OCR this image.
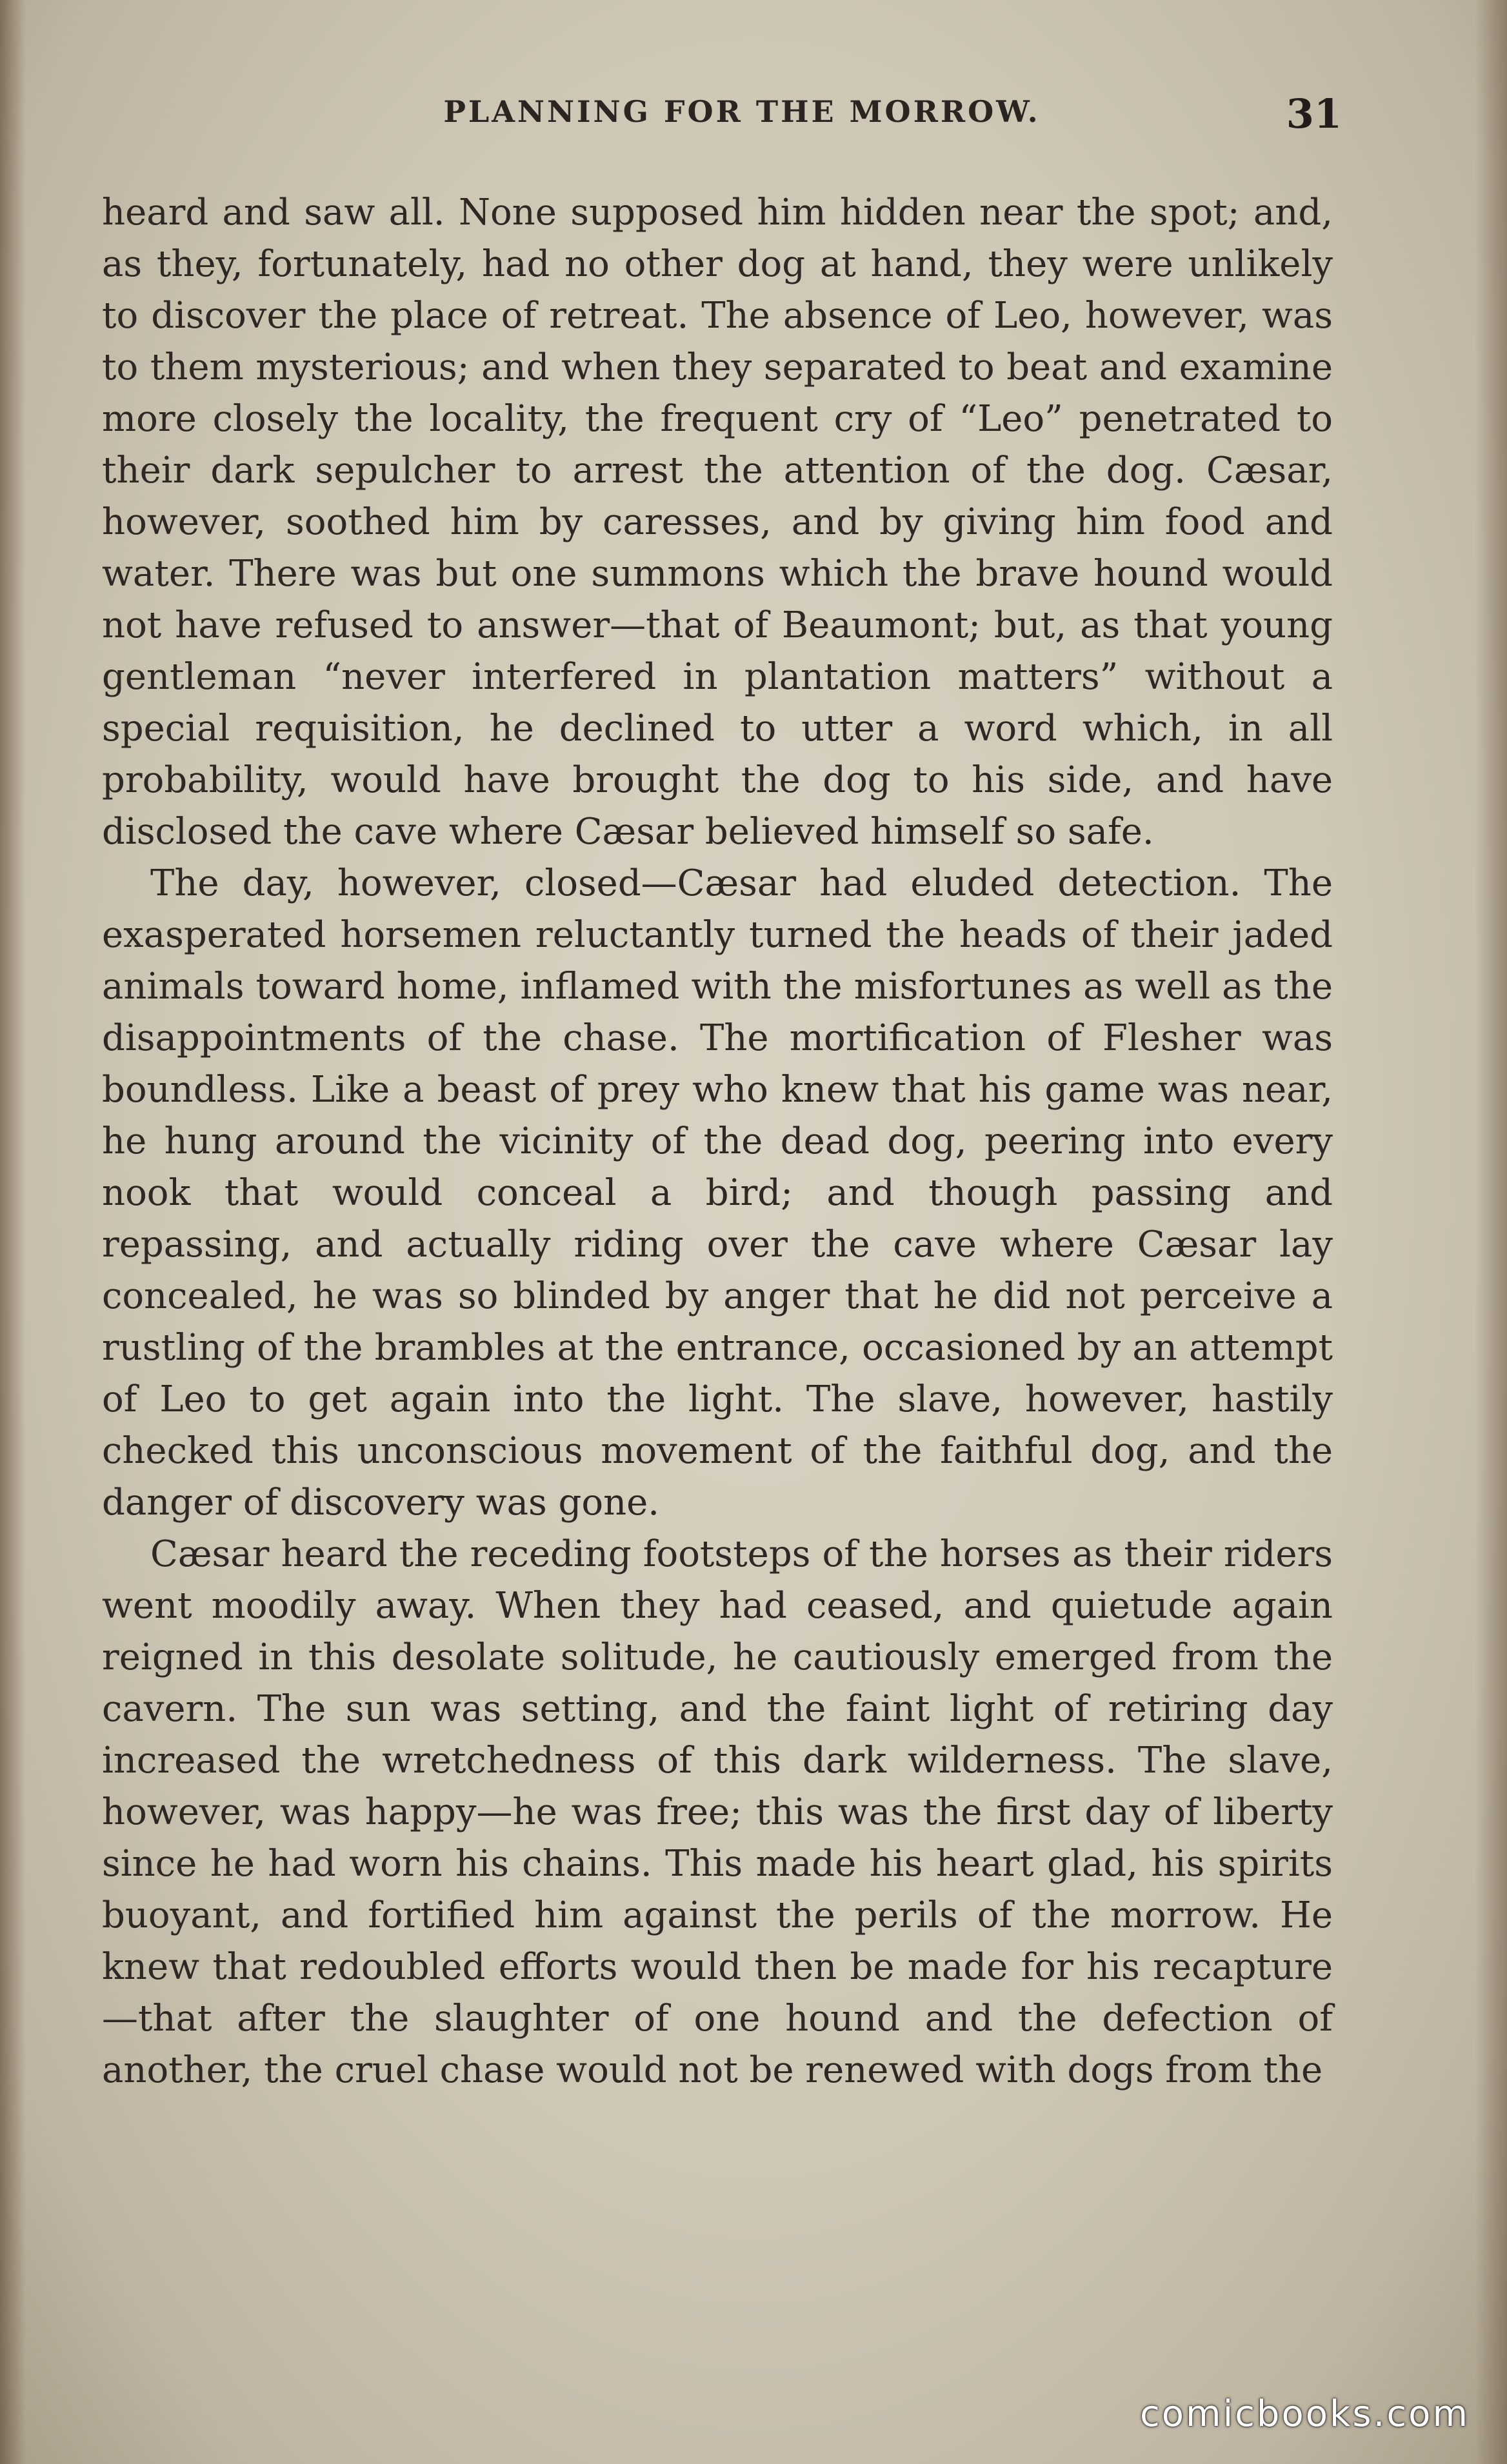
PLANNING FOR THE MORROW.	31

heard and saw all. None supposed him hidden near the spot; and, as they, fortunately, had no other dog at hand, they were unlikely to discover the place of retreat. The absence of Leo, however, was to them mysterious; and when they separated to beat and examine more closely the locality, the frequent cry of “Leo” penetrated to their dark sepulcher to arrest the attention of the dog. Cæsar, however, soothed him by caresses, and by giving him food and water. There was but one summons which the brave hound would not have refused to answer—that of Beaumont; but, as that young gentleman “never interfered in plantation matters” without a special requisition, he declined to utter a word which, in all probability, would have brought the dog to his side, and have disclosed the cave where Cæsar believed himself so safe.

The day, however, closed—Cæsar had eluded detection. The exasperated horsemen reluctantly turned the heads of their jaded animals toward home, inflamed with the misfortunes as well as the disappointments of the chase. The mortification of Flesher was boundless. Like a beast of prey who knew that his game was near, he hung around the vicinity of the dead dog, peering into every nook that would conceal a bird; and though passing and repassing, and actually riding over the cave where Cæsar lay concealed, he was so blinded by anger that he did not perceive a rustling of the brambles at the entrance, occasioned by an attempt of Leo to get again into the light. The slave, however, hastily checked this unconscious movement of the faithful dog, and the danger of discovery was gone.

Cæsar heard the receding footsteps of the horses as their riders went moodily away. When they had ceased, and quietude again reigned in this desolate solitude, he cautiously emerged from the cavern. The sun was setting, and the faint light of retiring day increased the wretchedness of this dark wilderness. The slave, however, was happy—he was free; this was the first day of liberty since he had worn his chains. This made his heart glad, his spirits buoyant, and fortified him against the perils of the morrow. He knew that redoubled efforts would then be made for his recapture—that after the slaughter of one hound and the defection of another, the cruel chase would not be renewed with dogs from the

comicbooks.com
